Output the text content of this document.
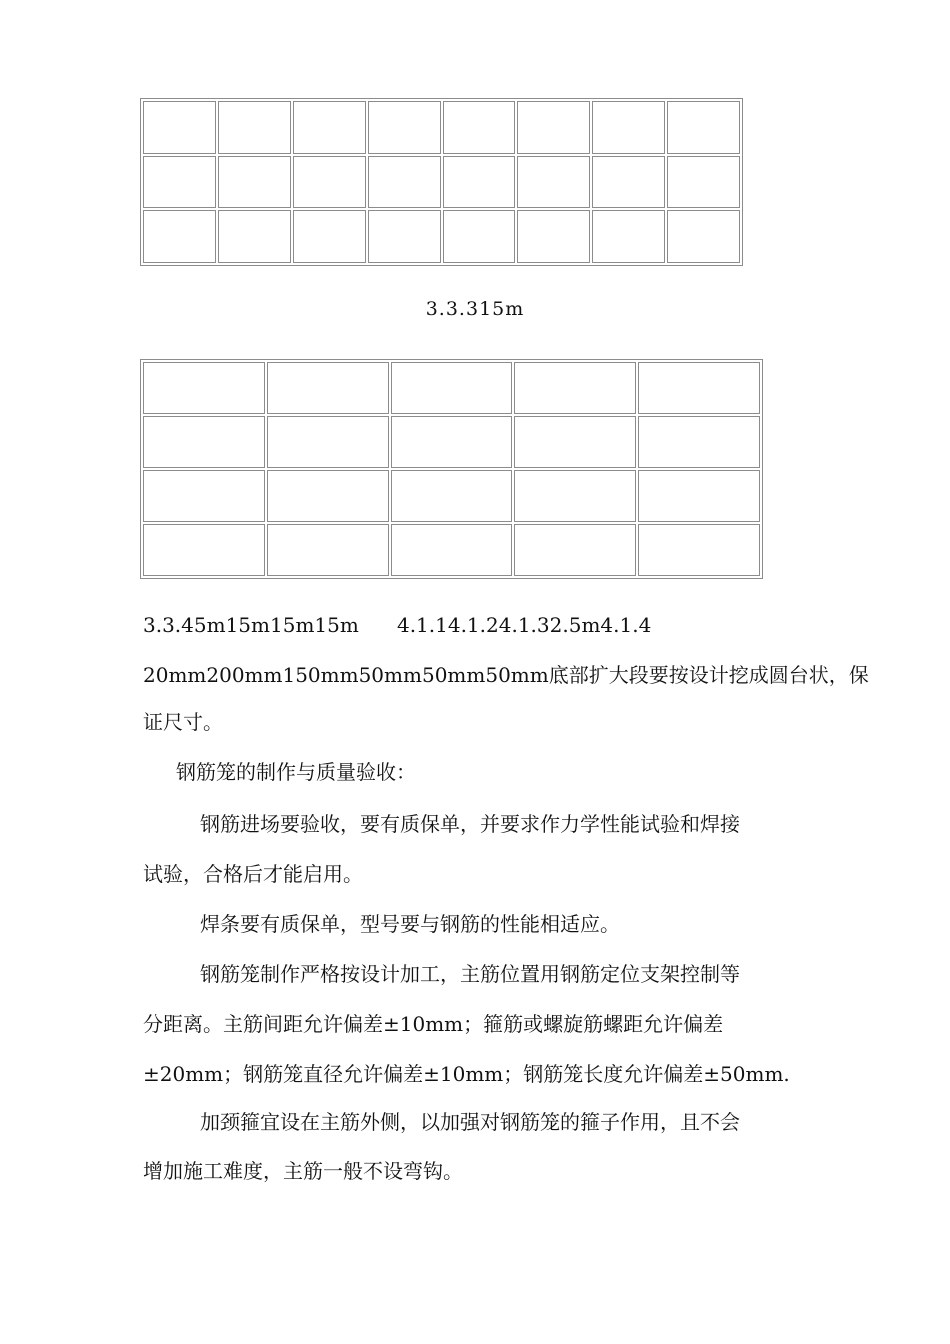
3.3.315m

3.3.45m15m15m15m      4.1.14.1.24.1.32.5m4.1.4
20mm200mm150mm50mm50mm50mm底部扩大段要按设计挖成圆台状，保
证尺寸。
钢筋笼的制作与质量验收：
钢筋进场要验收，要有质保单，并要求作力学性能试验和焊接
试验，合格后才能启用。
焊条要有质保单，型号要与钢筋的性能相适应。
钢筋笼制作严格按设计加工，主筋位置用钢筋定位支架控制等
分距离。主筋间距允许偏差±10mm；箍筋或螺旋筋螺距允许偏差
±20mm；钢筋笼直径允许偏差±10mm；钢筋笼长度允许偏差±50mm.
加颈箍宜设在主筋外侧，以加强对钢筋笼的箍子作用，且不会
增加施工难度，主筋一般不设弯钩。
